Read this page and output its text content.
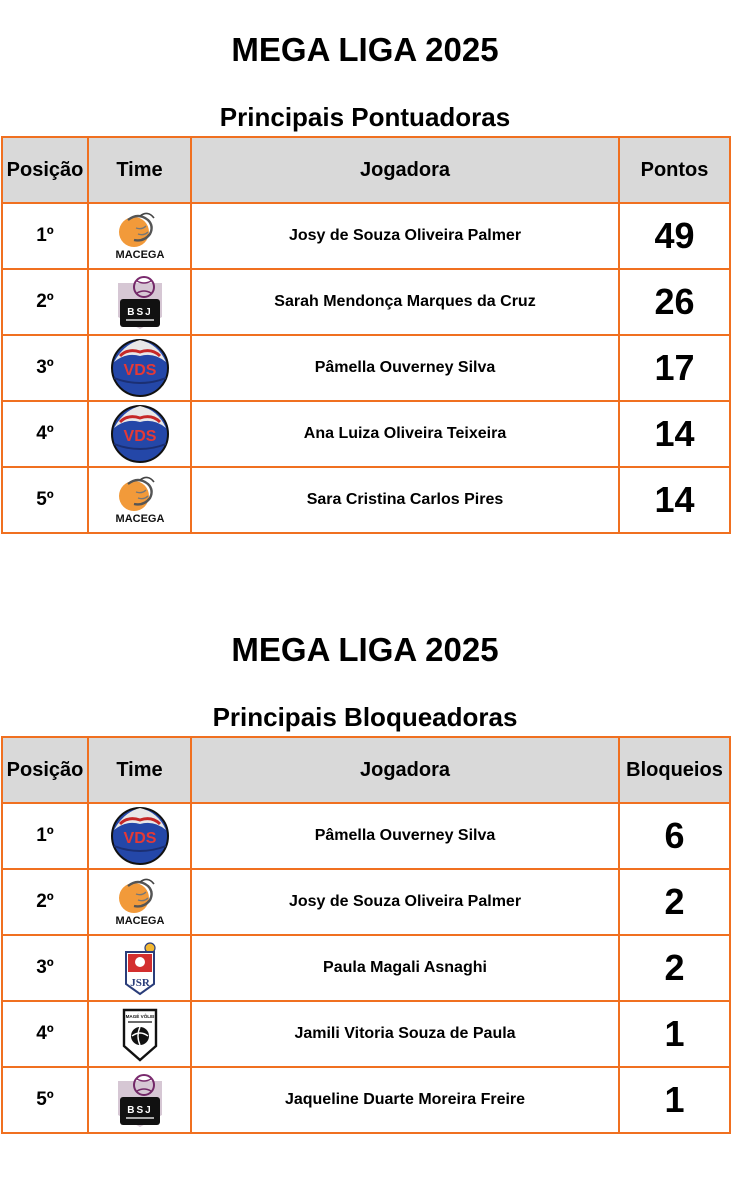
MEGA LIGA 2025
Principais Pontuadoras
Posição	Time	Jogadora	Pontos
1º	MACEGA	Josy de Souza Oliveira Palmer	49
2º	BSJ	Sarah Mendonça Marques da Cruz	26
3º	VDS	Pâmella Ouverney Silva	17
4º	VDS	Ana Luiza Oliveira Teixeira	14
5º	MACEGA	Sara Cristina Carlos Pires	14
MEGA LIGA 2025
Principais Bloqueadoras
Posição	Time	Jogadora	Bloqueios
1º	VDS	Pâmella Ouverney Silva	6
2º	MACEGA	Josy de Souza Oliveira Palmer	2
3º	JSR	Paula Magali Asnaghi	2
4º	MAGÉ VÔLEI	Jamili Vitoria Souza de Paula	1
5º	BSJ	Jaqueline Duarte Moreira Freire	1
